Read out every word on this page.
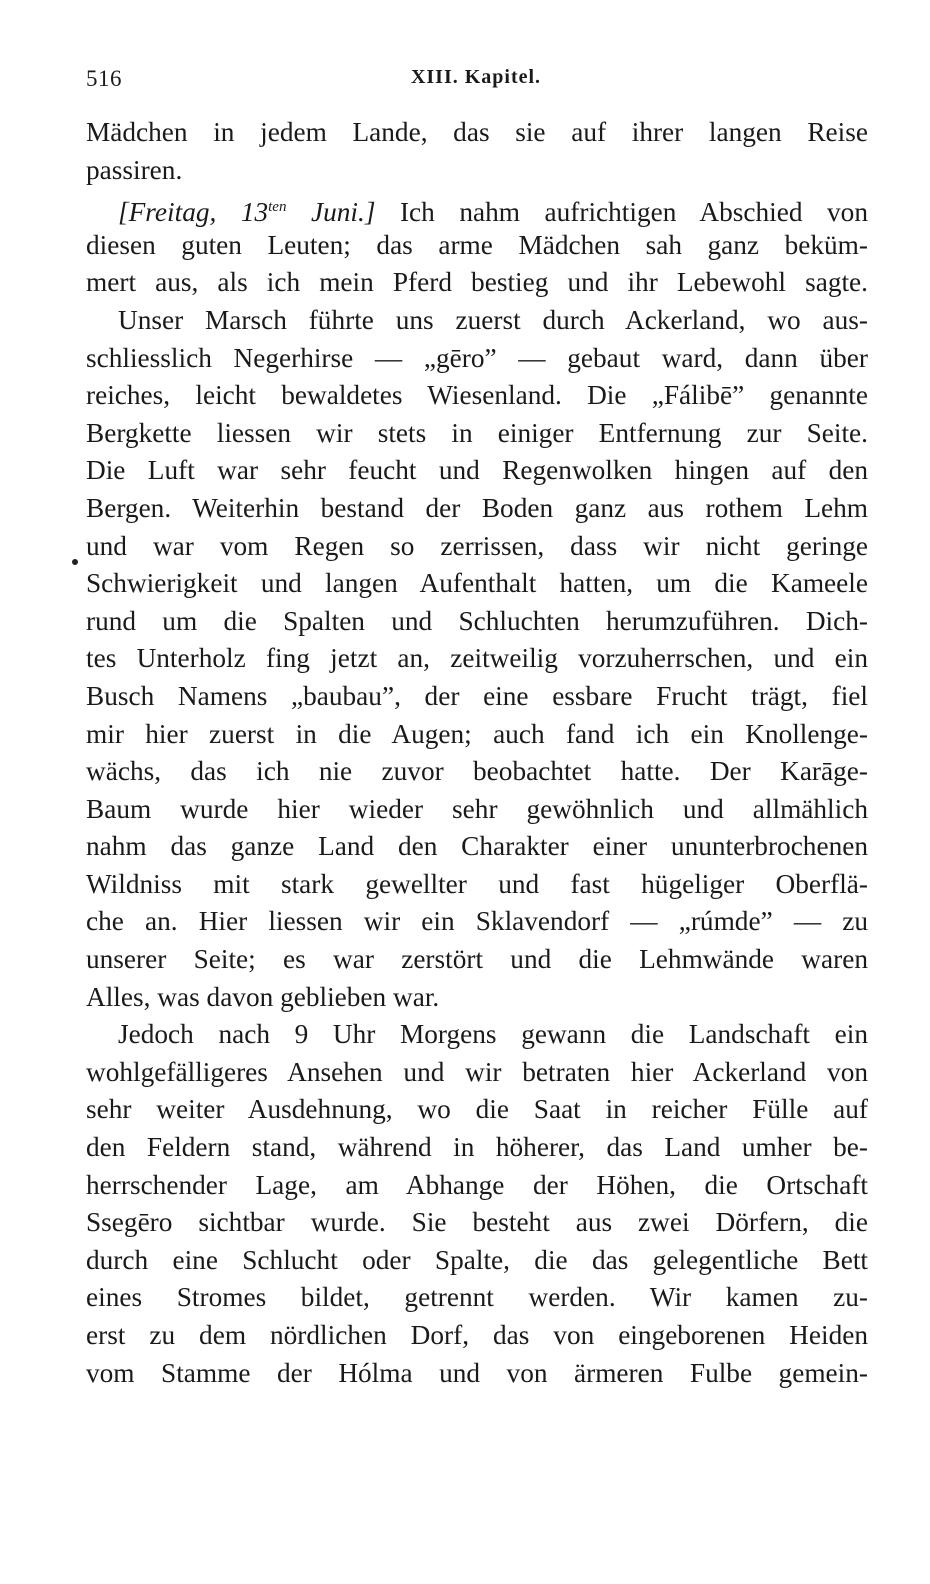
516	XIII. Kapitel.
Mädchen in jedem Lande, das sie auf ihrer langen Reise
passiren.
[Freitag, $13^{ten}$ Juni.] Ich nahm aufrichtigen Abschied von
diesen guten Leuten; das arme Mädchen sah ganz beküm-
mert aus, als ich mein Pferd bestieg und ihr Lebewohl sagte.
Unser Marsch führte uns zuerst durch Ackerland, wo aus-
schliesslich Negerhirse — „gēro” — gebaut ward, dann über
reiches, leicht bewaldetes Wiesenland. Die „Fálibē” genannte
Bergkette liessen wir stets in einiger Entfernung zur Seite.
Die Luft war sehr feucht und Regenwolken hingen auf den
Bergen. Weiterhin bestand der Boden ganz aus rothem Lehm
und war vom Regen so zerrissen, dass wir nicht geringe
Schwierigkeit und langen Aufenthalt hatten, um die Kameele
rund um die Spalten und Schluchten herumzuführen. Dich-
tes Unterholz fing jetzt an, zeitweilig vorzuherrschen, und ein
Busch Namens „baubau”, der eine essbare Frucht trägt, fiel
mir hier zuerst in die Augen; auch fand ich ein Knollenge-
wächs, das ich nie zuvor beobachtet hatte. Der Karāge-
Baum wurde hier wieder sehr gewöhnlich und allmählich
nahm das ganze Land den Charakter einer ununterbrochenen
Wildniss mit stark gewellter und fast hügeliger Oberflä-
che an. Hier liessen wir ein Sklavendorf — „rúmde” — zu
unserer Seite; es war zerstört und die Lehmwände waren
Alles, was davon geblieben war.
Jedoch nach 9 Uhr Morgens gewann die Landschaft ein
wohlgefälligeres Ansehen und wir betraten hier Ackerland von
sehr weiter Ausdehnung, wo die Saat in reicher Fülle auf
den Feldern stand, während in höherer, das Land umher be-
herrschender Lage, am Abhange der Höhen, die Ortschaft
Ssegēro sichtbar wurde. Sie besteht aus zwei Dörfern, die
durch eine Schlucht oder Spalte, die das gelegentliche Bett
eines Stromes bildet, getrennt werden. Wir kamen zu-
erst zu dem nördlichen Dorf, das von eingeborenen Heiden
vom Stamme der Hólma und von ärmeren Fulbe gemein-
